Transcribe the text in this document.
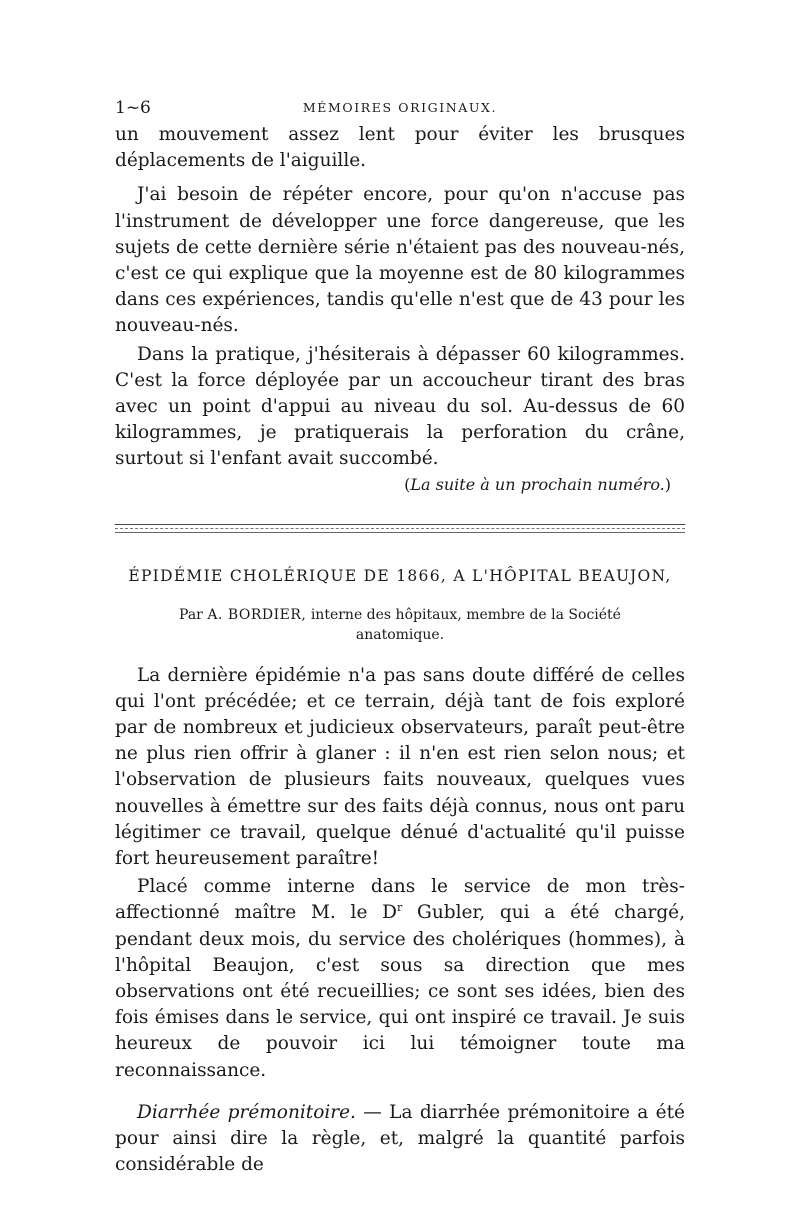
1~6	MÉMOIRES ORIGINAUX.

un mouvement assez lent pour éviter les brusques déplacements de l'aiguille.

J'ai besoin de répéter encore, pour qu'on n'accuse pas l'instrument de développer une force dangereuse, que les sujets de cette dernière série n'étaient pas des nouveau-nés, c'est ce qui explique que la moyenne est de 80 kilogrammes dans ces expériences, tandis qu'elle n'est que de 43 pour les nouveau-nés.

Dans la pratique, j'hésiterais à dépasser 60 kilogrammes. C'est la force déployée par un accoucheur tirant des bras avec un point d'appui au niveau du sol. Au-dessus de 60 kilogrammes, je pratiquerais la perforation du crâne, surtout si l'enfant avait succombé.

(La suite à un prochain numéro.)
ÉPIDÉMIE CHOLÉRIQUE DE 1866, A L'HÔPITAL BEAUJON,
Par A. BORDIER, interne des hôpitaux, membre de la Société anatomique.

La dernière épidémie n'a pas sans doute différé de celles qui l'ont précédée; et ce terrain, déjà tant de fois exploré par de nombreux et judicieux observateurs, paraît peut-être ne plus rien offrir à glaner : il n'en est rien selon nous; et l'observation de plusieurs faits nouveaux, quelques vues nouvelles à émettre sur des faits déjà connus, nous ont paru légitimer ce travail, quelque dénué d'actualité qu'il puisse fort heureusement paraître!

Placé comme interne dans le service de mon très-affectionné maître M. le $D^r$ Gubler, qui a été chargé, pendant deux mois, du service des cholériques (hommes), à l'hôpital Beaujon, c'est sous sa direction que mes observations ont été recueillies; ce sont ses idées, bien des fois émises dans le service, qui ont inspiré ce travail. Je suis heureux de pouvoir ici lui témoigner toute ma reconnaissance.

Diarrhée prémonitoire. — La diarrhée prémonitoire a été pour ainsi dire la règle, et, malgré la quantité parfois considérable de
